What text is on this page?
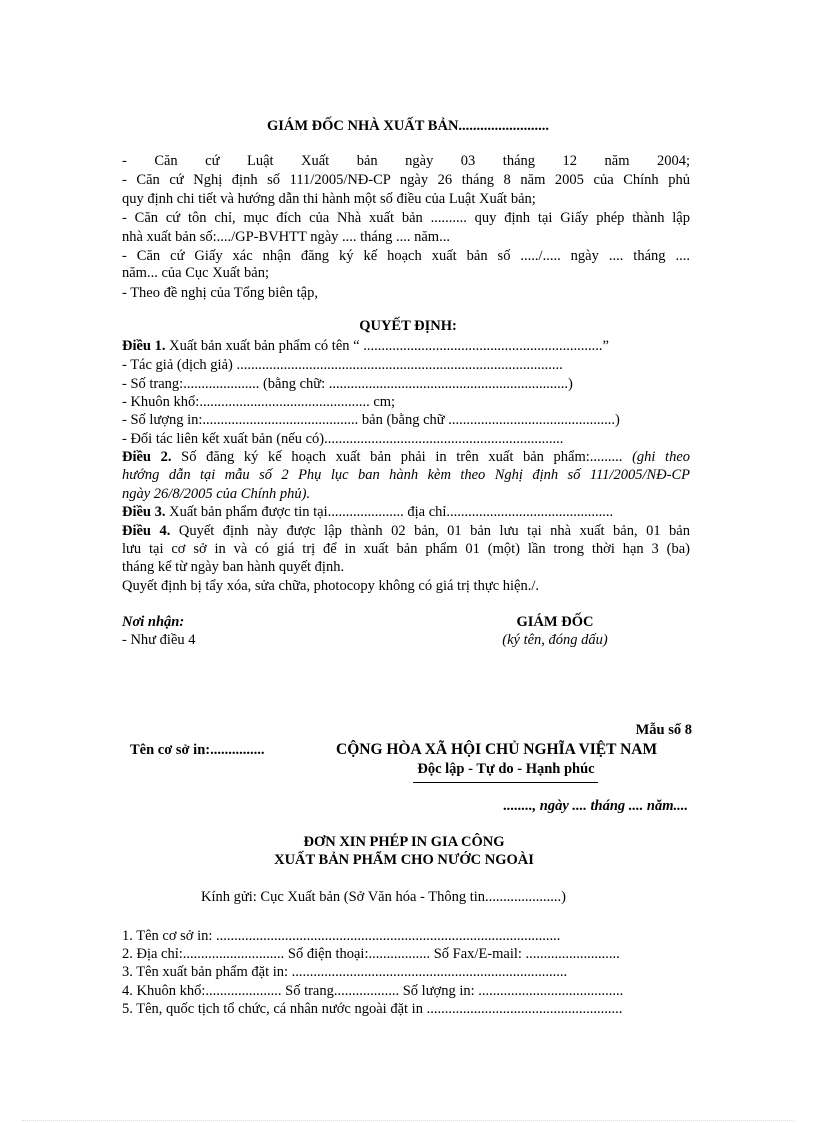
GIÁM ĐỐC NHÀ XUẤT BẢN.........................
- Căn cứ Luật Xuất bản ngày 03 tháng 12 năm 2004;
- Căn cứ Nghị định số 111/2005/NĐ-CP ngày 26 tháng 8 năm 2005 của Chính phủ
quy định chi tiết và hướng dẫn thi hành một số điều của Luật Xuất bản;
- Căn cứ tôn chỉ, mục đích của Nhà xuất bản .......... quy định tại Giấy phép thành lập
nhà xuất bản số:..../GP-BVHTT ngày .... tháng .... năm...
- Căn cứ Giấy xác nhận đăng ký kế hoạch xuất bản số ...../..... ngày .... tháng ....
năm... của Cục Xuất bản;
- Theo đề nghị của Tổng biên tập,
QUYẾT ĐỊNH:
Điều 1. Xuất bản xuất bản phẩm có tên “ ..................................................................”
- Tác giả (dịch giả) ..........................................................................................
- Số trang:..................... (bằng chữ: ..................................................................)
- Khuôn khổ:............................................... cm;
- Số lượng in:........................................... bản (bằng chữ ..............................................)
- Đối tác liên kết xuất bản (nếu có)..................................................................
Điều 2. Số đăng ký kế hoạch xuất bản phải in trên xuất bản phẩm:......... (ghi theo
hướng dẫn tại mẫu số 2 Phụ lục ban hành kèm theo Nghị định số 111/2005/NĐ-CP
ngày 26/8/2005 của Chính phủ).
Điều 3. Xuất bản phẩm được tin tại..................... địa chỉ..............................................
Điều 4. Quyết định này được lập thành 02 bản, 01 bản lưu tại nhà xuất bản, 01 bản
lưu tại cơ sở in và có giá trị để in xuất bản phẩm 01 (một) lần trong thời hạn 3 (ba)
tháng kể từ ngày ban hành quyết định.
Quyết định bị tẩy xóa, sửa chữa, photocopy không có giá trị thực hiện./.
Nơi nhận:
- Như điều 4
GIÁM ĐỐC
(ký tên, đóng dấu)
Mẫu số 8
Tên cơ sở in:...............	CỘNG HÒA XÃ HỘI CHỦ NGHĨA VIỆT NAM
Độc lập - Tự do - Hạnh phúc
........, ngày .... tháng .... năm....
ĐƠN XIN PHÉP IN GIA CÔNG
XUẤT BẢN PHẨM CHO NƯỚC NGOÀI
Kính gửi: Cục Xuất bản (Sở Văn hóa - Thông tin.....................)
1. Tên cơ sở in: ...............................................................................................
2. Địa chỉ:............................ Số điện thoại:................. Số Fax/E-mail: ..........................
3. Tên xuất bản phẩm đặt in: ............................................................................
4. Khuôn khổ:..................... Số trang.................. Số lượng in: ........................................
5. Tên, quốc tịch tổ chức, cá nhân nước ngoài đặt in ......................................................
